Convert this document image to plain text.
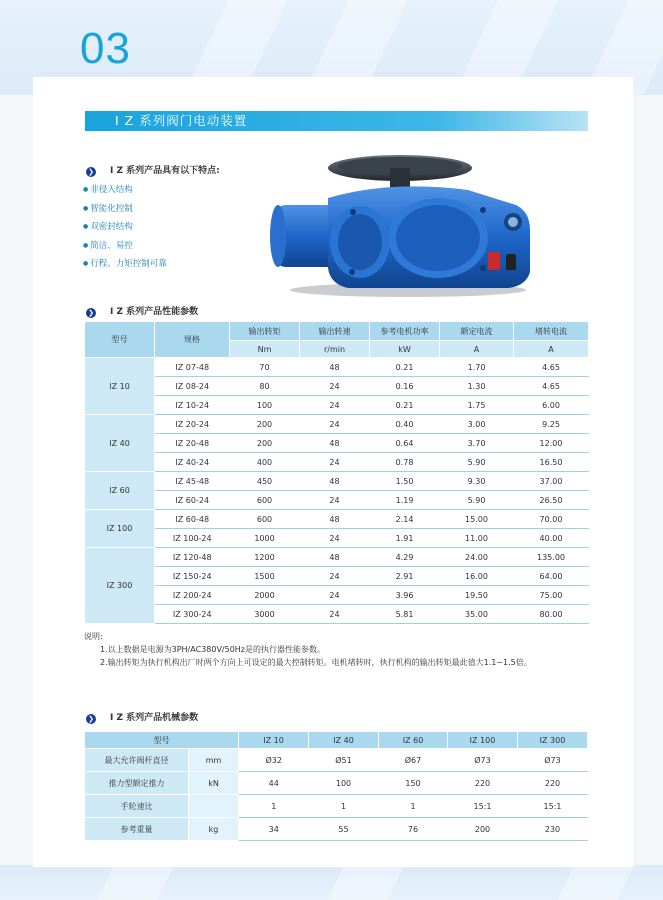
03
I Z 系列阀门电动装置
❯ I Z 系列产品具有以下特点:
● 非侵入结构
● 智能化控制
● 双密封结构
● 简洁、易控
● 行程、力矩控制可靠
❯ I Z 系列产品性能参数
型号	规格	输出转矩	输出转速	参考电机功率	额定电流	堵转电流
		Nm	r/min	kW	A	A
IZ 10	IZ 07-48	70	48	0.21	1.70	4.65
	IZ 08-24	80	24	0.16	1.30	4.65
	IZ 10-24	100	24	0.21	1.75	6.00
IZ 40	IZ 20-24	200	24	0.40	3.00	9.25
	IZ 20-48	200	48	0.64	3.70	12.00
	IZ 40-24	400	24	0.78	5.90	16.50
IZ 60	IZ 45-48	450	48	1.50	9.30	37.00
	IZ 60-24	600	24	1.19	5.90	26.50
IZ 100	IZ 60-48	600	48	2.14	15.00	70.00
	IZ 100-24	1000	24	1.91	11.00	40.00
IZ 300	IZ 120-48	1200	48	4.29	24.00	135.00
	IZ 150-24	1500	24	2.91	16.00	64.00
	IZ 200-24	2000	24	3.96	19.50	75.00
	IZ 300-24	3000	24	5.81	35.00	80.00
说明:
1.以上数据是电源为3PH/AC380V/50Hz是的执行器性能参数。
2.输出转矩为执行机构出厂时两个方向上可设定的最大控制转矩。电机堵转时，执行机构的输出转矩最此值大1.1~1.5倍。
❯ I Z 系列产品机械参数
型号		IZ 10	IZ 40	IZ 60	IZ 100	IZ 300
最大允许阀杆直径	mm	Ø32	Ø51	Ø67	Ø73	Ø73
推力型额定推力	kN	44	100	150	220	220
手轮速比		1	1	1	15:1	15:1
参考重量	kg	34	55	76	200	230
